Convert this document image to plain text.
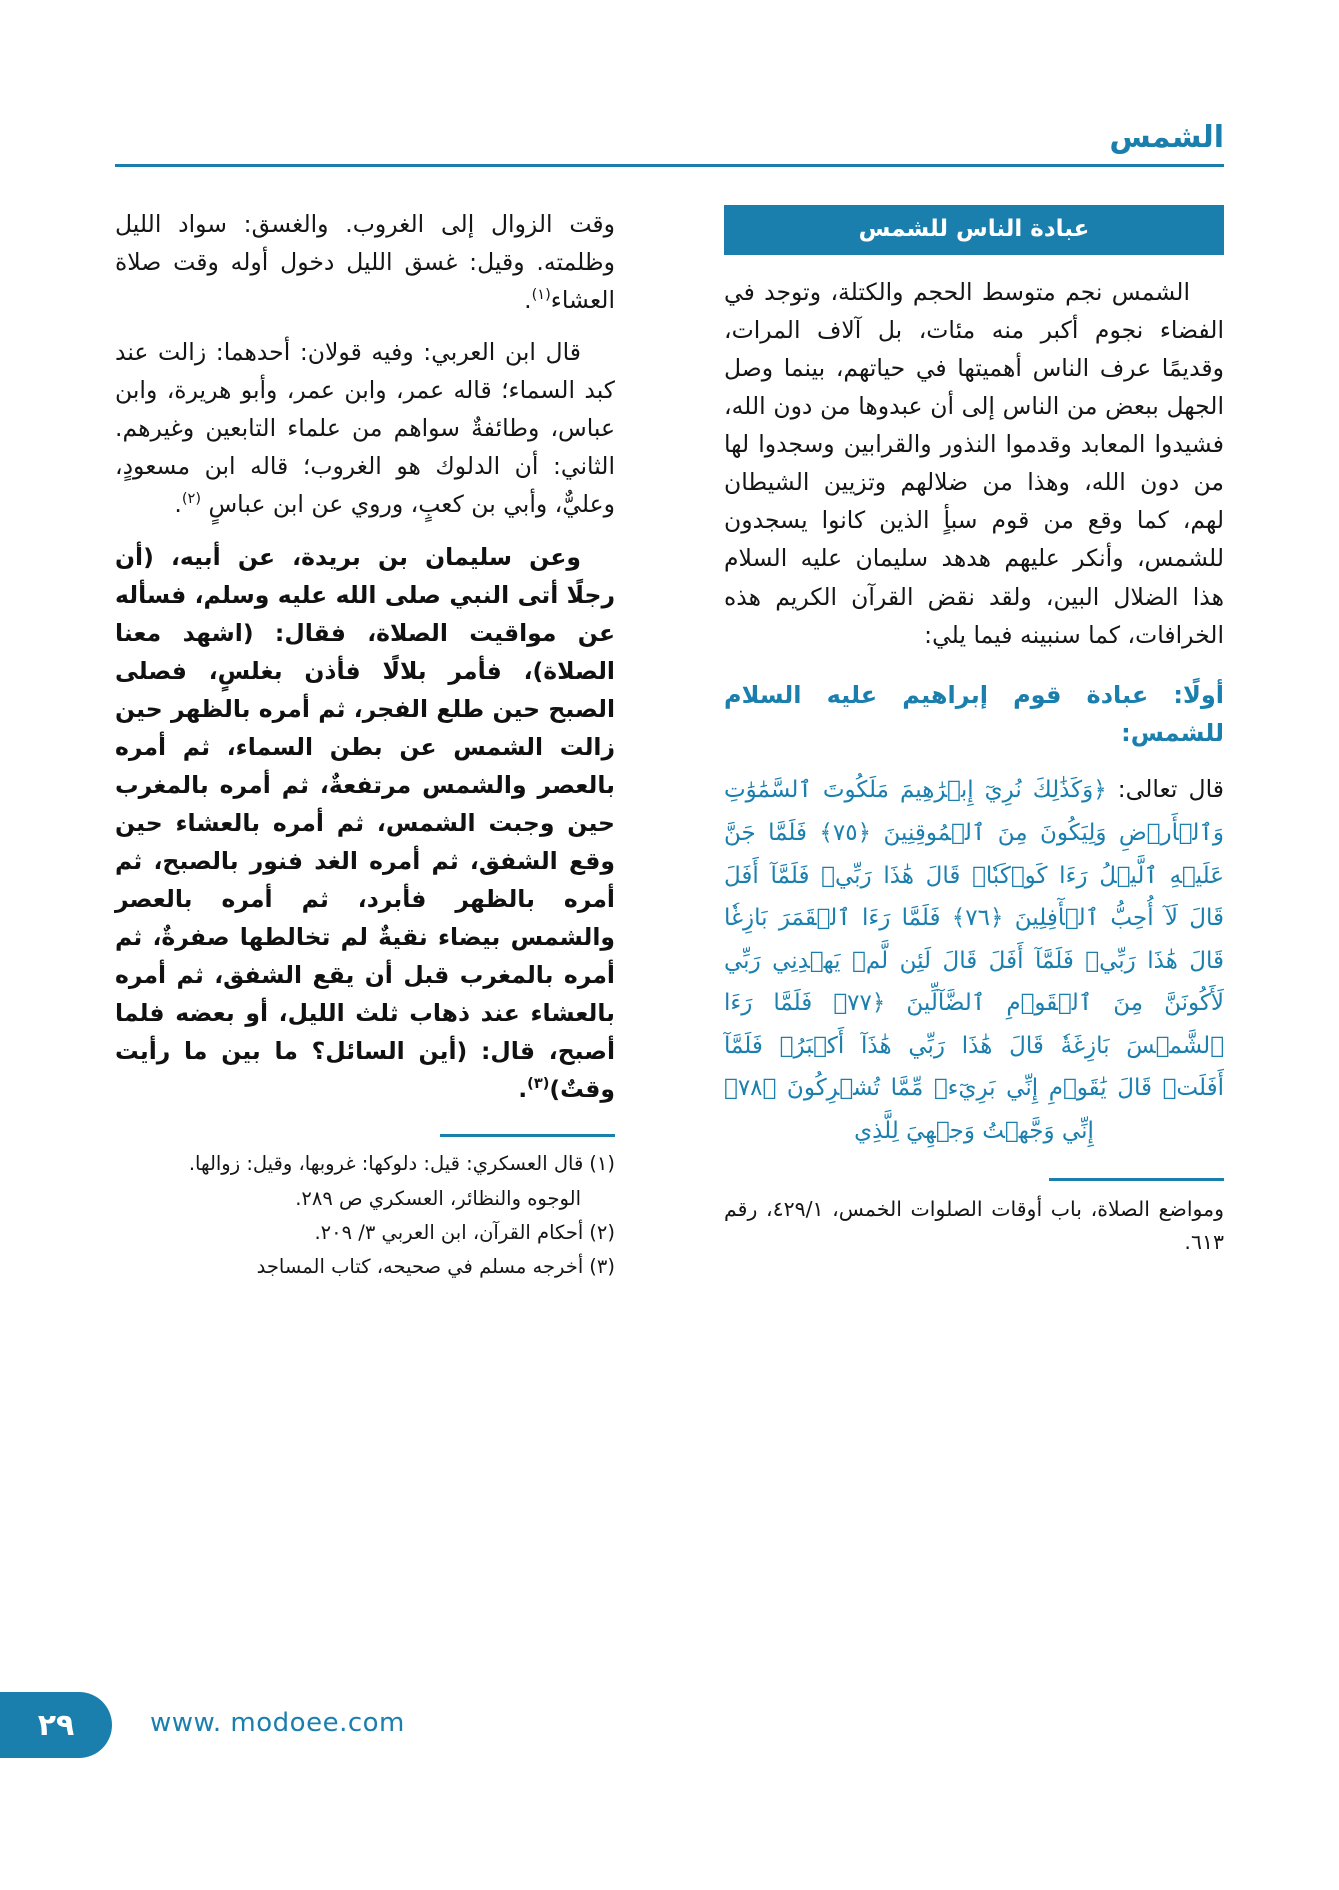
الشمس
عبادة الناس للشمس

الشمس نجم متوسط الحجم والكتلة، وتوجد في الفضاء نجوم أكبر منه مئات، بل آلاف المرات، وقديمًا عرف الناس أهميتها في حياتهم، بينما وصل الجهل ببعض من الناس إلى أن عبدوها من دون الله، فشيدوا المعابد وقدموا النذور والقرابين وسجدوا لها من دون الله، وهذا من ضلالهم وتزيين الشيطان لهم، كما وقع من قوم سبأٍ الذين كانوا يسجدون للشمس، وأنكر عليهم هدهد سليمان عليه السلام هذا الضلال البين، ولقد نقض القرآن الكريم هذه الخرافات، كما سنبينه فيما يلي:

أولًا: عبادة قوم إبراهيم عليه السلام للشمس:

قال تعالى: ﴿وَكَذَٰلِكَ نُرِيٓ إِبۡرَٰهِيمَ مَلَكُوتَ ٱلسَّمَٰوَٰتِ وَٱلۡأَرۡضِ وَلِيَكُونَ مِنَ ٱلۡمُوقِنِينَ ﴿٧٥﴾ فَلَمَّا جَنَّ عَلَيۡهِ ٱلَّيۡلُ رَءَا كَوۡكَبٗاۖ قَالَ هَٰذَا رَبِّيۖ فَلَمَّآ أَفَلَ قَالَ لَآ أُحِبُّ ٱلۡأٓفِلِينَ ﴿٧٦﴾ فَلَمَّا رَءَا ٱلۡقَمَرَ بَازِغٗا قَالَ هَٰذَا رَبِّيۖ فَلَمَّآ أَفَلَ قَالَ لَئِن لَّمۡ يَهۡدِنِي رَبِّي لَأَكُونَنَّ مِنَ ٱلۡقَوۡمِ ٱلضَّآلِّينَ ﴿٧٧﴾ فَلَمَّا رَءَا ٱلشَّمۡسَ بَازِغَةٗ قَالَ هَٰذَا رَبِّي هَٰذَآ أَكۡبَرُۖ فَلَمَّآ أَفَلَتۡ قَالَ يَٰقَوۡمِ إِنِّي بَرِيٓءٞ مِّمَّا تُشۡرِكُونَ ﴿٧٨﴾ إِنِّي وَجَّهۡتُ وَجۡهِيَ لِلَّذِي

ومواضع الصلاة، باب أوقات الصلوات الخمس، ٤٢٩/١، رقم ٦١٣.

وقت الزوال إلى الغروب. والغسق: سواد الليل وظلمته. وقيل: غسق الليل دخول أوله وقت صلاة العشاء$^{(١)}$.

قال ابن العربي: وفيه قولان: أحدهما: زالت عند كبد السماء؛ قاله عمر، وابن عمر، وأبو هريرة، وابن عباس، وطائفةٌ سواهم من علماء التابعين وغيرهم. الثاني: أن الدلوك هو الغروب؛ قاله ابن مسعودٍ، وعليٌّ، وأبي بن كعبٍ، وروي عن ابن عباسٍ $^{(٢)}$.

وعن سليمان بن بريدة، عن أبيه، (أن رجلًا أتى النبي صلى الله عليه وسلم، فسأله عن مواقيت الصلاة، فقال: (اشهد معنا الصلاة)، فأمر بلالًا فأذن بغلسٍ، فصلى الصبح حين طلع الفجر، ثم أمره بالظهر حين زالت الشمس عن بطن السماء، ثم أمره بالعصر والشمس مرتفعةٌ، ثم أمره بالمغرب حين وجبت الشمس، ثم أمره بالعشاء حين وقع الشفق، ثم أمره الغد فنور بالصبح، ثم أمره بالظهر فأبرد، ثم أمره بالعصر والشمس بيضاء نقيةٌ لم تخالطها صفرةٌ، ثم أمره بالمغرب قبل أن يقع الشفق، ثم أمره بالعشاء عند ذهاب ثلث الليل، أو بعضه فلما أصبح، قال: (أين السائل؟ ما بين ما رأيت وقتٌ)$^{(٣)}$.

(١)قال العسكري: قيل: دلوكها: غروبها، وقيل: زوالها.

الوجوه والنظائر، العسكري ص ٢٨٩.

(٢)أحكام القرآن، ابن العربي ٣/ ٢٠٩.

(٣)أخرجه مسلم في صحيحه، كتاب المساجد

٢٩	www. modoee.com
